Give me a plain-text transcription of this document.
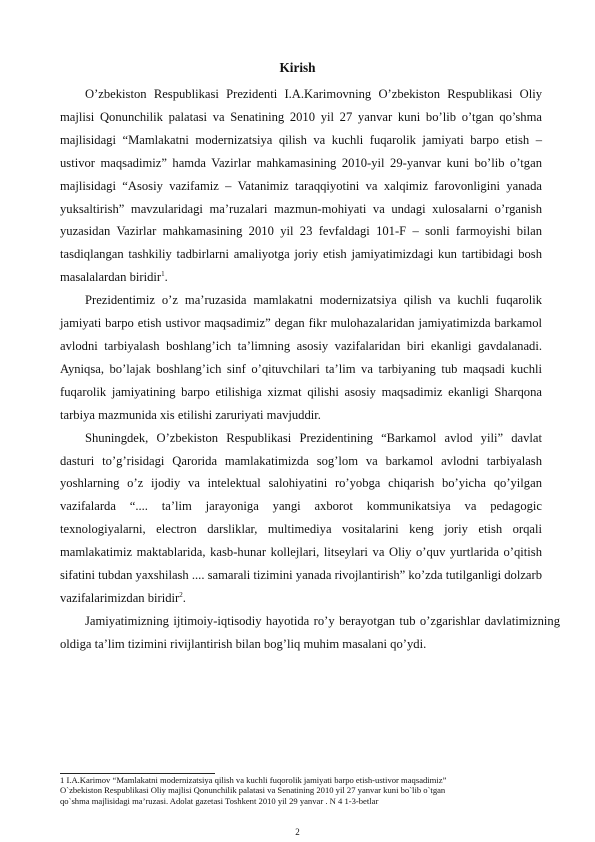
Kirish

O’zbekiston Respublikasi Prezidenti I.A.Karimovning O’zbekiston Respublikasi Oliy majlisi Qonunchilik palatasi va Senatining 2010 yil 27 yanvar kuni bo’lib o’tgan qo’shma majlisidagi “Mamlakatni modernizatsiya qilish va kuchli fuqarolik jamiyati barpo etish – ustivor maqsadimiz” hamda Vazirlar mahkamasining 2010-yil 29-yanvar kuni bo’lib o’tgan majlisidagi “Asosiy vazifamiz – Vatanimiz taraqqiyotini va xalqimiz farovonligini yanada yuksaltirish” mavzularidagi ma’ruzalari mazmun-mohiyati va undagi xulosalarni o’rganish yuzasidan Vazirlar mahkamasining 2010 yil 23 fevfaldagi 101-F – sonli farmoyishi bilan tasdiqlangan tashkiliy tadbirlarni amaliyotga joriy etish jamiyatimizdagi kun tartibidagi bosh masalalardan biridir$^1$.

Prezidentimiz o’z ma’ruzasida mamlakatni modernizatsiya qilish va kuchli fuqarolik jamiyati barpo etish ustivor maqsadimiz” degan fikr mulohazalaridan jamiyatimizda barkamol avlodni tarbiyalash boshlang’ich ta’limning asosiy vazifalaridan biri ekanligi gavdalanadi. Ayniqsa, bo’lajak boshlang’ich sinf o’qituvchilari ta’lim va tarbiyaning tub maqsadi kuchli fuqarolik jamiyatining barpo etilishiga xizmat qilishi asosiy maqsadimiz ekanligi Sharqona tarbiya mazmunida xis etilishi zaruriyati mavjuddir.

Shuningdek, O’zbekiston Respublikasi Prezidentining “Barkamol avlod yili” davlat dasturi to’g’risidagi Qarorida mamlakatimizda sog’lom va barkamol avlodni tarbiyalash yoshlarning o’z ijodiy va intelektual salohiyatini ro’yobga chiqarish bo’yicha qo’yilgan vazifalarda “.... ta’lim jarayoniga yangi axborot kommunikatsiya va pedagogic texnologiyalarni, electron darsliklar, multimediya vositalarini keng joriy etish orqali mamlakatimiz maktablarida, kasb-hunar kollejlari, litseylari va Oliy o’quv yurtlarida o’qitish sifatini tubdan yaxshilash .... samarali tizimini yanada rivojlantirish” ko’zda tutilganligi dolzarb vazifalarimizdan biridir$^2$.

Jamiyatimizning ijtimoiy-iqtisodiy hayotida ro’y berayotgan tub o’zgarishlar davlatimizning oldiga ta’lim tizimini rivijlantirish bilan bog’liq muhim masalani qo’ydi.

1 I.A.Karimov “Mamlakatni modernizatsiya qilish va kuchli fuqorolik jamiyati barpo etish-ustivor maqsadimiz”
O`zbekiston Respublikasi Oliy majlisi Qonunchilik palatasi va Senatining 2010 yil 27 yanvar kuni bo`lib o`tgan
qo`shma majlisidagi ma’ruzasi. Adolat gazetasi Toshkent 2010 yil 29 yanvar . N 4 1-3-betlar
2
